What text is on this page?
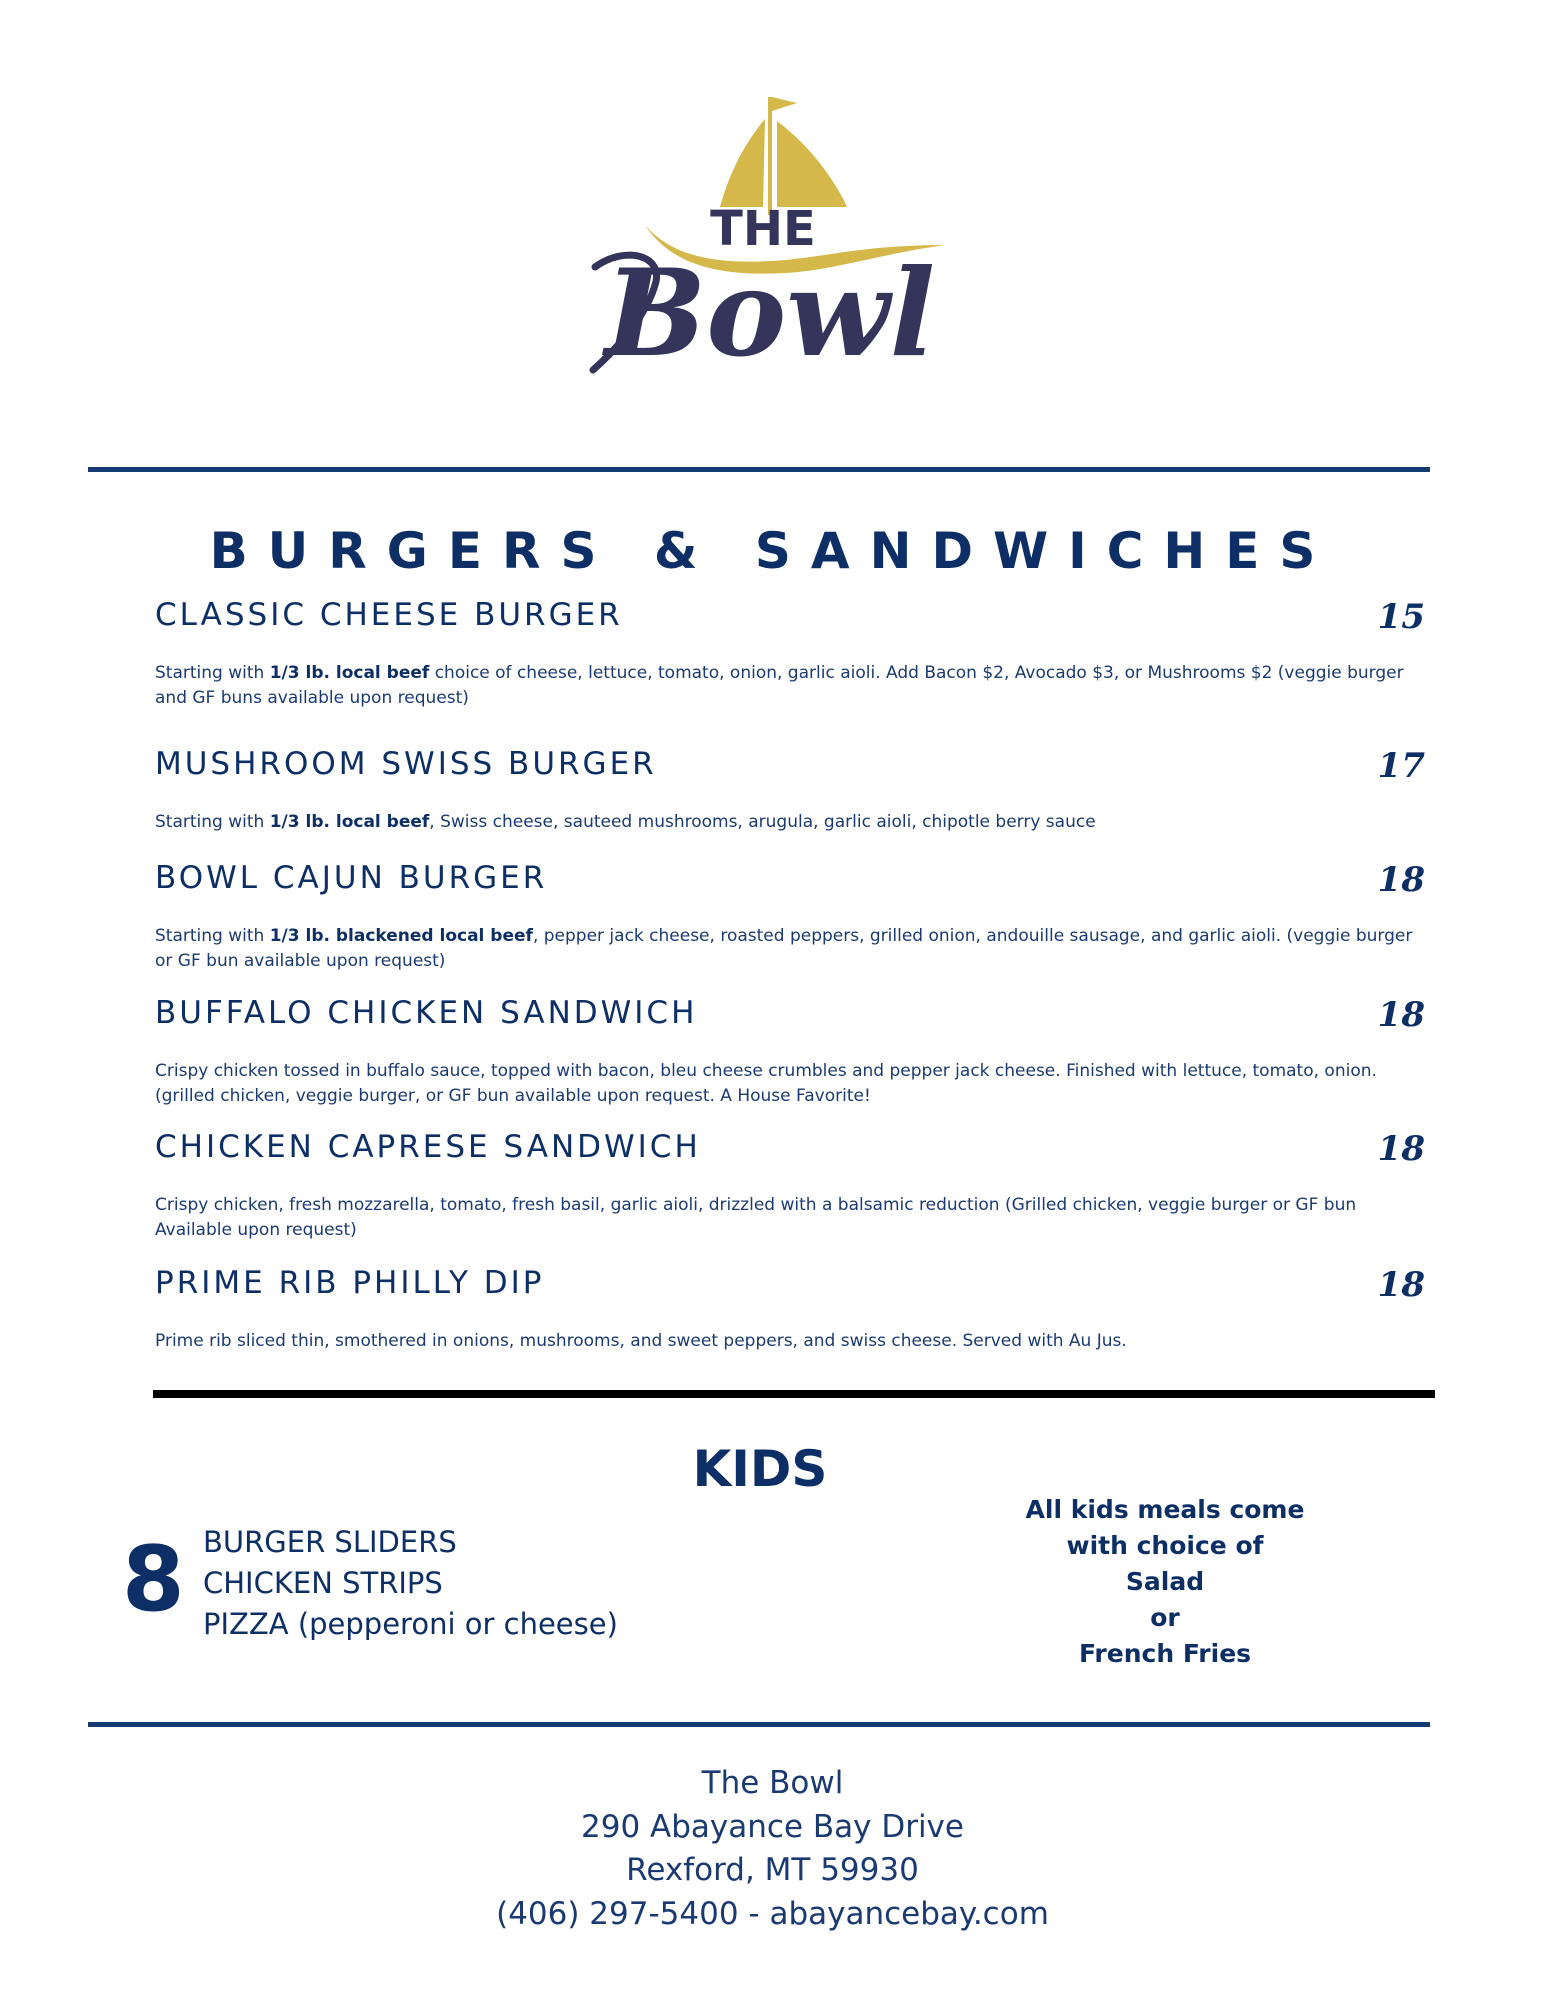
THE
Bowl
BURGERS & SANDWICHES
CLASSIC CHEESE BURGER	15
Starting with 1/3 lb. local beef choice of cheese, lettuce, tomato, onion, garlic aioli. Add Bacon $2, Avocado $3, or Mushrooms $2 (veggie burger and GF buns available upon request)
MUSHROOM SWISS BURGER	17
Starting with 1/3 lb. local beef, Swiss cheese, sauteed mushrooms, arugula, garlic aioli, chipotle berry sauce
BOWL CAJUN BURGER	18
Starting with 1/3 lb. blackened local beef, pepper jack cheese, roasted peppers, grilled onion, andouille sausage, and garlic aioli. (veggie burger or GF bun available upon request)
BUFFALO CHICKEN SANDWICH	18
Crispy chicken tossed in buffalo sauce, topped with bacon, bleu cheese crumbles and pepper jack cheese. Finished with lettuce, tomato, onion. (grilled chicken, veggie burger, or GF bun available upon request. A House Favorite!
CHICKEN CAPRESE SANDWICH	18
Crispy chicken, fresh mozzarella, tomato, fresh basil, garlic aioli, drizzled with a balsamic reduction (Grilled chicken, veggie burger or GF bun Available upon request)
PRIME RIB PHILLY DIP	18
Prime rib sliced thin, smothered in onions, mushrooms, and sweet peppers, and swiss cheese. Served with Au Jus.
KIDS
8 BURGER SLIDERS
CHICKEN STRIPS
PIZZA (pepperoni or cheese)
All kids meals come
with choice of
Salad
or
French Fries
The Bowl
290 Abayance Bay Drive
Rexford, MT 59930
(406) 297-5400 - abayancebay.com
